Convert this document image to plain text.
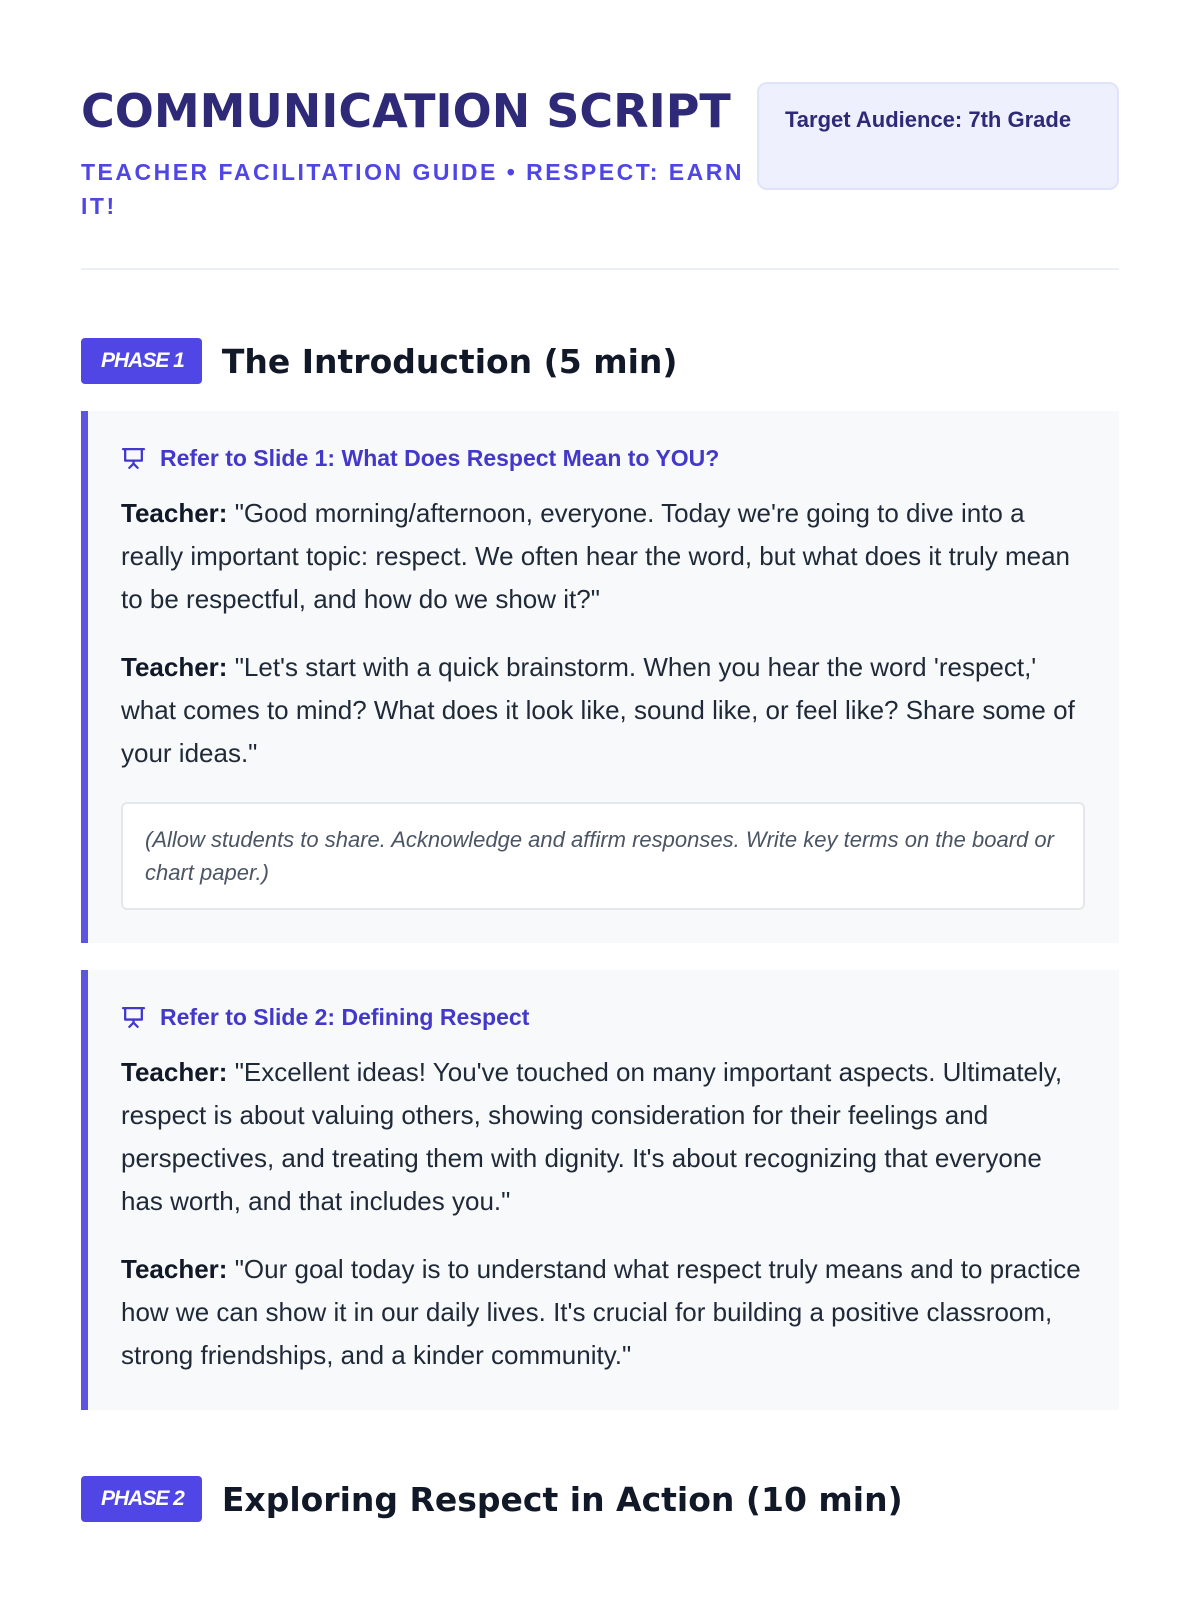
COMMUNICATION SCRIPT
TEACHER FACILITATION GUIDE • RESPECT: EARN IT!
Target Audience: 7th Grade
PHASE 1	The Introduction (5 min)
Refer to Slide 1: What Does Respect Mean to YOU?

Teacher: "Good morning/afternoon, everyone. Today we're going to dive into a really important topic: respect. We often hear the word, but what does it truly mean to be respectful, and how do we show it?"

Teacher: "Let's start with a quick brainstorm. When you hear the word 'respect,' what comes to mind? What does it look like, sound like, or feel like? Share some of your ideas."

(Allow students to share. Acknowledge and affirm responses. Write key terms on the board or chart paper.)
Refer to Slide 2: Defining Respect

Teacher: "Excellent ideas! You've touched on many important aspects. Ultimately, respect is about valuing others, showing consideration for their feelings and perspectives, and treating them with dignity. It's about recognizing that everyone has worth, and that includes you."

Teacher: "Our goal today is to understand what respect truly means and to practice how we can show it in our daily lives. It's crucial for building a positive classroom, strong friendships, and a kinder community."

PHASE 2	Exploring Respect in Action (10 min)
